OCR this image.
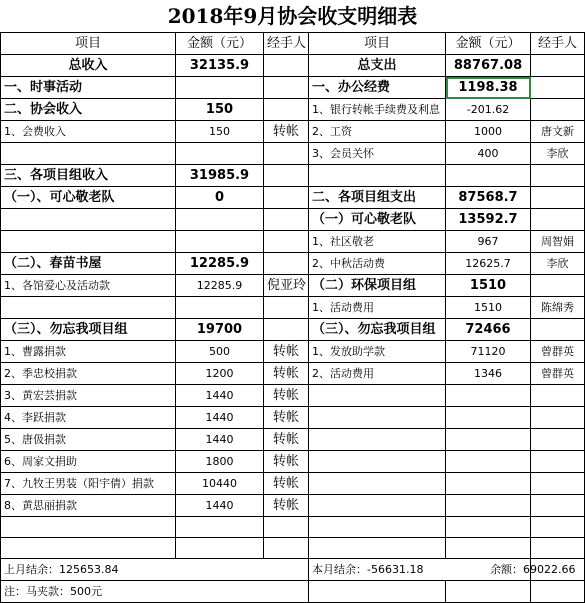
2018年9月协会收支明细表
项目	金额（元）	经手人	项目	金额（元）	经手人
总收入	32135.9		总支出	88767.08	
一、时事活动			一、办公经费	1198.38	
二、协会收入	150		1、银行转帐手续费及利息	-201.62	
1、会费收入	150	转帐	2、工资	1000	唐文新
			3、会员关怀	400	李欣
三、各项目组收入	31985.9				
（一）、可心敬老队	0		二、各项目组支出	87568.7	
			（一）可心敬老队	13592.7	
			1、社区敬老	967	周智娟
（二）、春苗书屋	12285.9		2、中秋活动费	12625.7	李欣
1、各馆爱心及活动款	12285.9	倪亚玲	（二）环保项目组	1510	
			1、活动费用	1510	陈绵秀
（三）、勿忘我项目组	19700		（三）、勿忘我项目组	72466	
1、曹露捐款	500	转帐	1、发放助学款	71120	曾群英
2、季忠校捐款	1200	转帐	2、活动费用	1346	曾群英
3、黄宏芸捐款	1440	转帐			
4、李跃捐款	1440	转帐			
5、唐伋捐款	1440	转帐			
6、周家文捐助	1800	转帐			
7、九牧王男装（阳宇倩）捐款	10440	转帐			
8、黄思丽捐款	1440	转帐			

上月结余：125653.84			本月结余：-56631.18		余额：69022.66
注：马夹款：500元					
